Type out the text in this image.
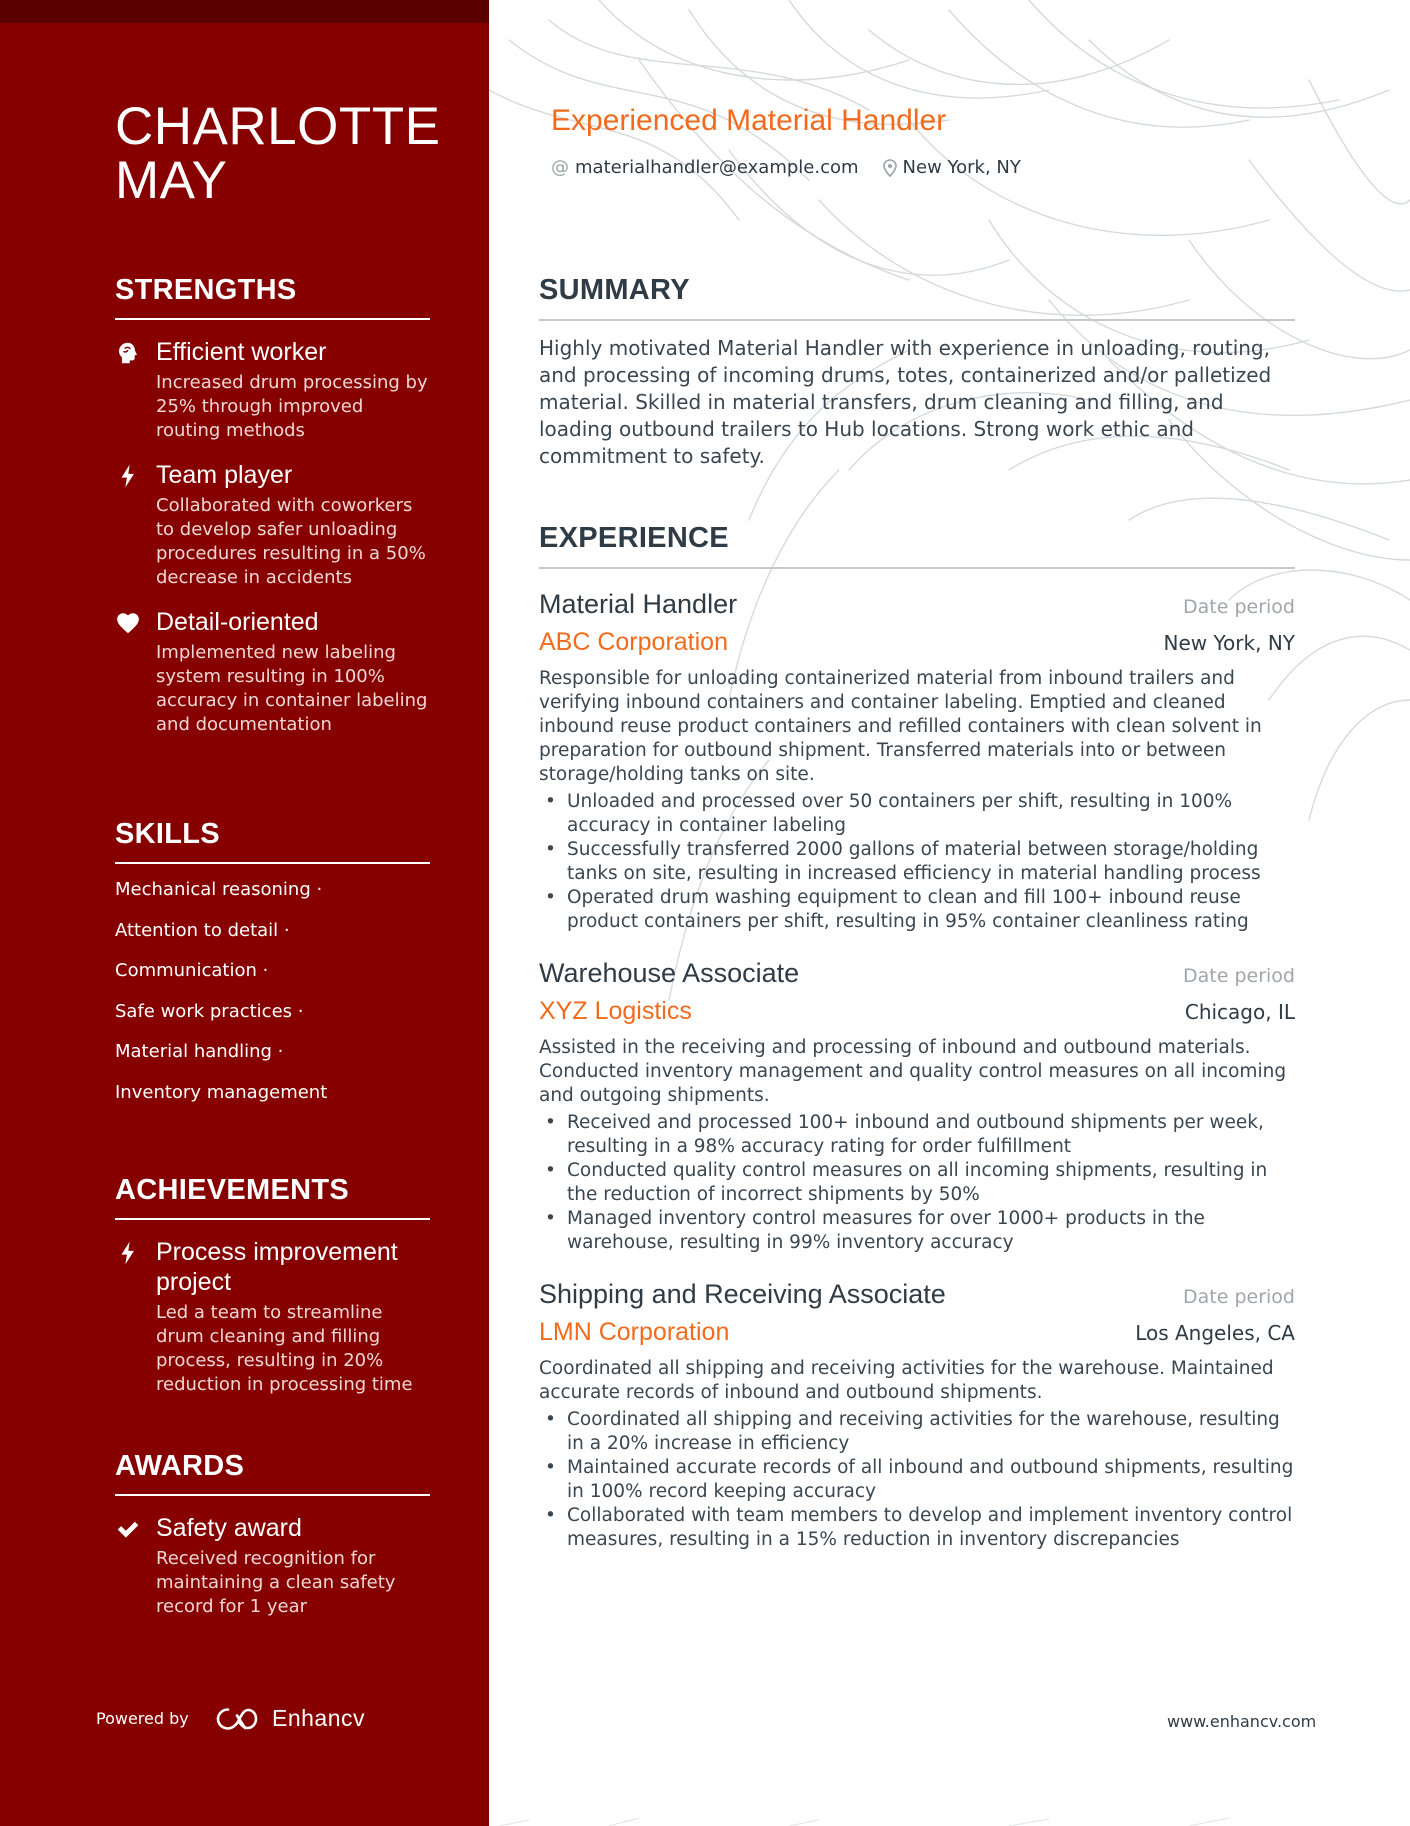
CHARLOTTE
MAY
STRENGTHS
Efficient worker
Increased drum processing by 25% through improved routing methods
Team player
Collaborated with coworkers to develop safer unloading procedures resulting in a 50% decrease in accidents
Detail-oriented
Implemented new labeling system resulting in 100% accuracy in container labeling and documentation
SKILLS
Mechanical reasoning ·
Attention to detail ·
Communication ·
Safe work practices ·
Material handling ·
Inventory management
ACHIEVEMENTS
Process improvement project
Led a team to streamline drum cleaning and filling process, resulting in 20% reduction in processing time
AWARDS
Safety award
Received recognition for maintaining a clean safety record for 1 year
Powered by	Enhancv
Experienced Material Handler
@ materialhandler@example.com New York, NY
SUMMARY

Highly motivated Material Handler with experience in unloading, routing, and processing of incoming drums, totes, containerized and/or palletized material. Skilled in material transfers, drum cleaning and filling, and loading outbound trailers to Hub locations. Strong work ethic and commitment to safety.

EXPERIENCE
Material Handler	Date period
ABC Corporation	New York, NY

Responsible for unloading containerized material from inbound trailers and verifying inbound containers and container labeling. Emptied and cleaned inbound reuse product containers and refilled containers with clean solvent in preparation for outbound shipment. Transferred materials into or between storage/holding tanks on site.

• Unloaded and processed over 50 containers per shift, resulting in 100% accuracy in container labeling
• Successfully transferred 2000 gallons of material between storage/holding tanks on site, resulting in increased efficiency in material handling process
• Operated drum washing equipment to clean and fill 100+ inbound reuse product containers per shift, resulting in 95% container cleanliness rating
Warehouse Associate	Date period
XYZ Logistics	Chicago, IL

Assisted in the receiving and processing of inbound and outbound materials. Conducted inventory management and quality control measures on all incoming and outgoing shipments.

• Received and processed 100+ inbound and outbound shipments per week, resulting in a 98% accuracy rating for order fulfillment
• Conducted quality control measures on all incoming shipments, resulting in the reduction of incorrect shipments by 50%
• Managed inventory control measures for over 1000+ products in the warehouse, resulting in 99% inventory accuracy
Shipping and Receiving Associate	Date period
LMN Corporation	Los Angeles, CA

Coordinated all shipping and receiving activities for the warehouse. Maintained accurate records of inbound and outbound shipments.

• Coordinated all shipping and receiving activities for the warehouse, resulting in a 20% increase in efficiency
• Maintained accurate records of all inbound and outbound shipments, resulting in 100% record keeping accuracy
• Collaborated with team members to develop and implement inventory control measures, resulting in a 15% reduction in inventory discrepancies
www.enhancv.com
